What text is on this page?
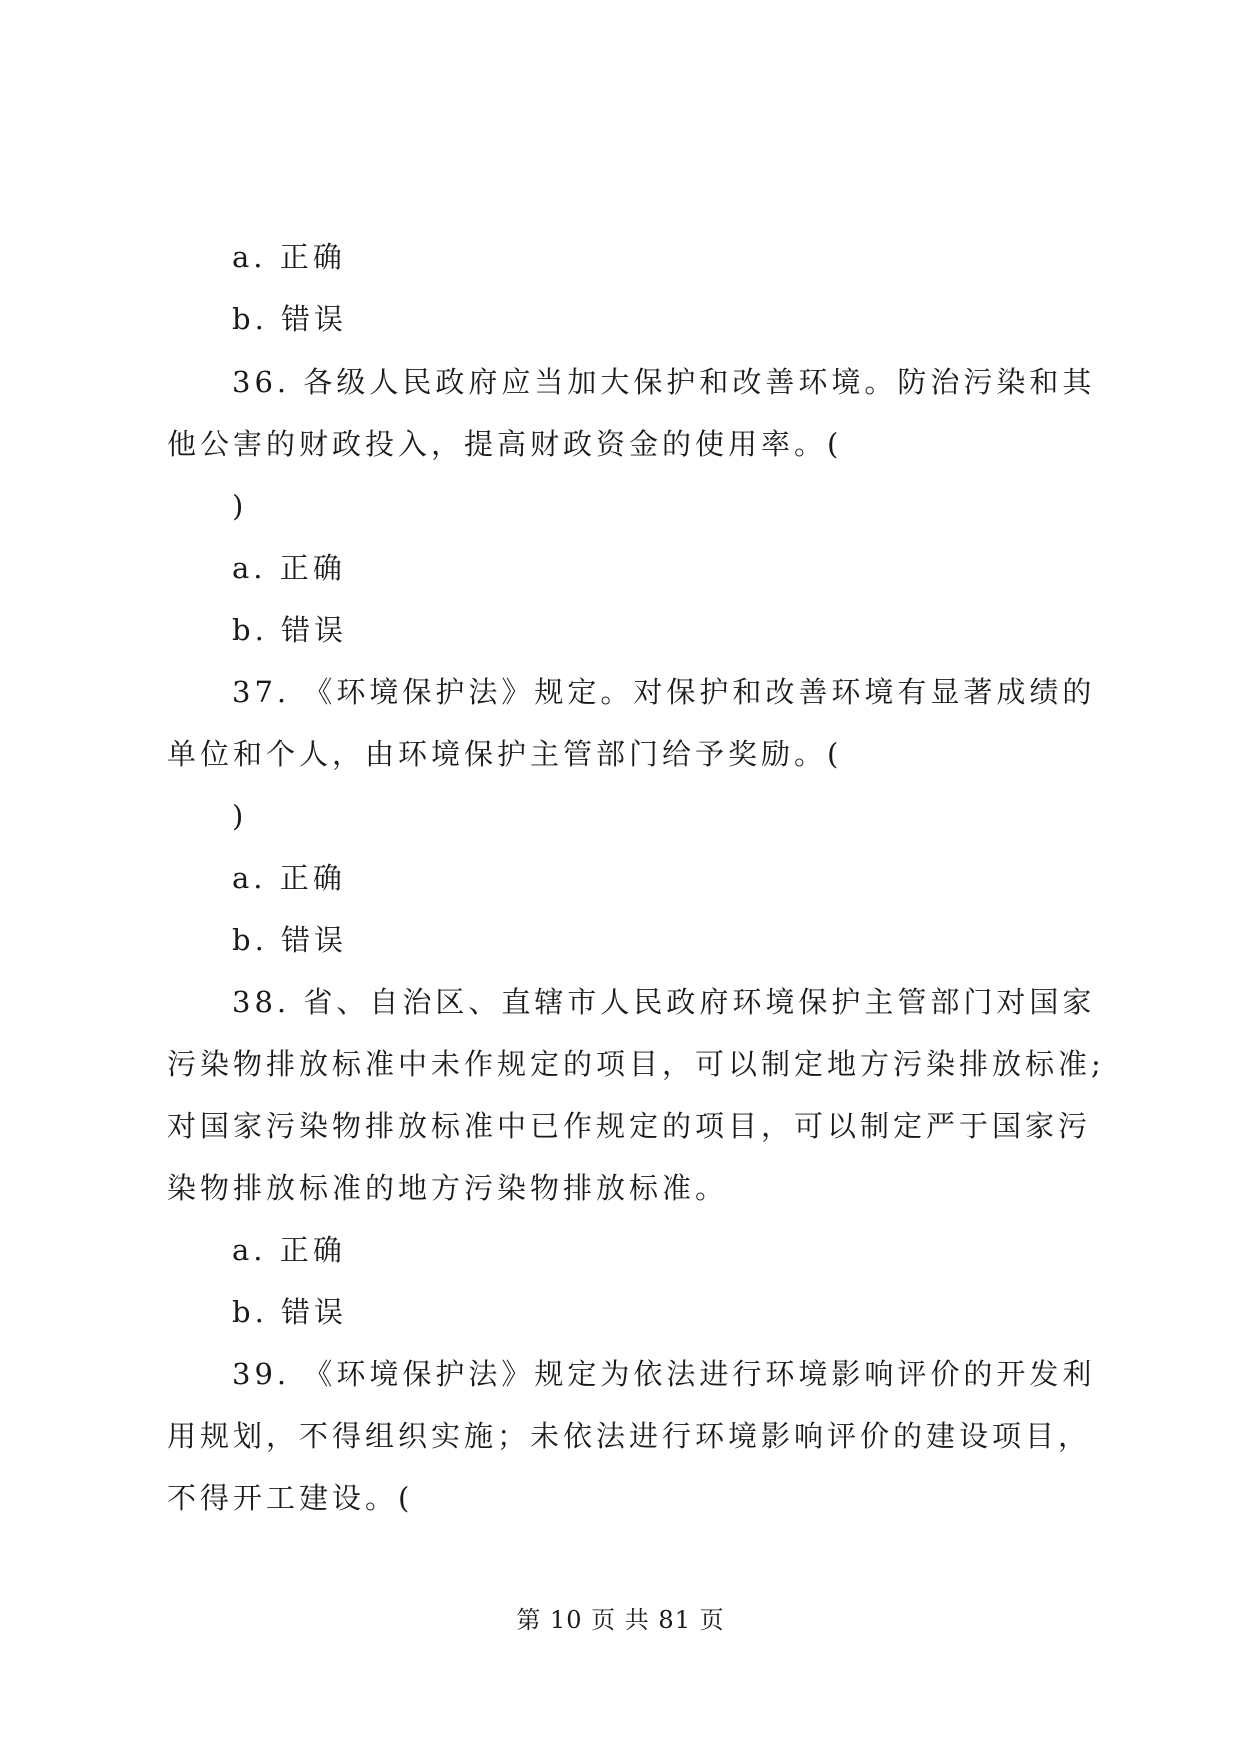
a. 正确
b. 错误
36. 各级人民政府应当加大保护和改善环境。防治污染和其
他公害的财政投入，提高财政资金的使用率。(
)
a. 正确
b. 错误
37. 《环境保护法》规定。对保护和改善环境有显著成绩的
单位和个人，由环境保护主管部门给予奖励。(
)
a. 正确
b. 错误
38. 省、自治区、直辖市人民政府环境保护主管部门对国家
污染物排放标准中未作规定的项目，可以制定地方污染排放标准;
对国家污染物排放标准中已作规定的项目，可以制定严于国家污
染物排放标准的地方污染物排放标准。
a. 正确
b. 错误
39. 《环境保护法》规定为依法进行环境影响评价的开发利
用规划，不得组织实施；未依法进行环境影响评价的建设项目，
不得开工建设。(
第 10 页 共 81 页
